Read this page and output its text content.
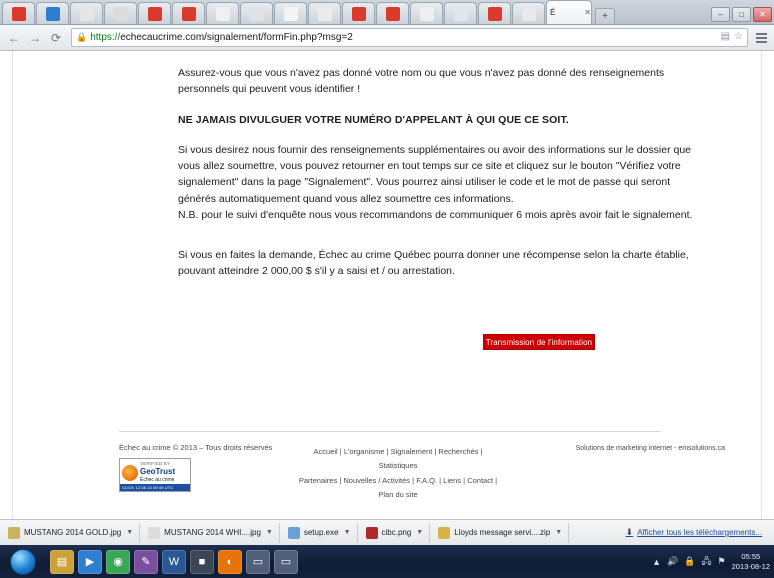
É	✕	+	–	□	✕
← → ⟳	🔒 https:// echecaucrime.com/signalement/formFin.php?msg=2	▤ ☆

Assurez-vous que vous n'avez pas donné votre nom ou que vous n'avez pas donné des renseignements personnels qui peuvent vous identifier !

NE JAMAIS DIVULGUER VOTRE NUMÉRO D'APPELANT À QUI QUE CE SOIT.

Si vous desirez nous fournir des renseignements supplémentaires ou avoir des informations sur le dossier que vous allez soumettre, vous pouvez retourner en tout temps sur ce site et cliquez sur le bouton "Vérifiez votre signalement" dans la page "Signalement". Vous pourrez ainsi utiliser le code et le mot de passe qui seront générés automatiquement quand vous allez soumettre ces informations.

N.B. pour le suivi d'enquête nous vous recommandons de communiquer 6 mois après avoir fait le signalement.

Si vous en faites la demande, Échec au crime Québec pourra donner une récompense selon la charte établie,

pouvant atteindre 2 000,00 $ s'il y a saisi et / ou arrestation.

Transmission de l'information
Échec au crime © 2013 – Tous droits réservés
VERIFIED BY
GeoTrust
Échec au crime
CLICK 12.08.13 09:49 UTC
Accueil | L'organisme | Signalement | Recherchés | Statistiques
Partenaires | Nouvelles / Activités | F.A.Q. | Liens | Contact | Plan du site
Solutions de marketing internet - emsolutions.ca
MUSTANG 2014 GOLD.jpg ▼	MUSTANG 2014 WHI....jpg ▼	setup.exe ▼	cibc.png ▼	Lloyds message servi....zip ▼	⬇ Afficher tous les téléchargements...
▤	▶	◉	✎	W	■	◐	▭	▭	▲ 🔊 🔒 🖧 ⚑	05:55
2013-08-12
